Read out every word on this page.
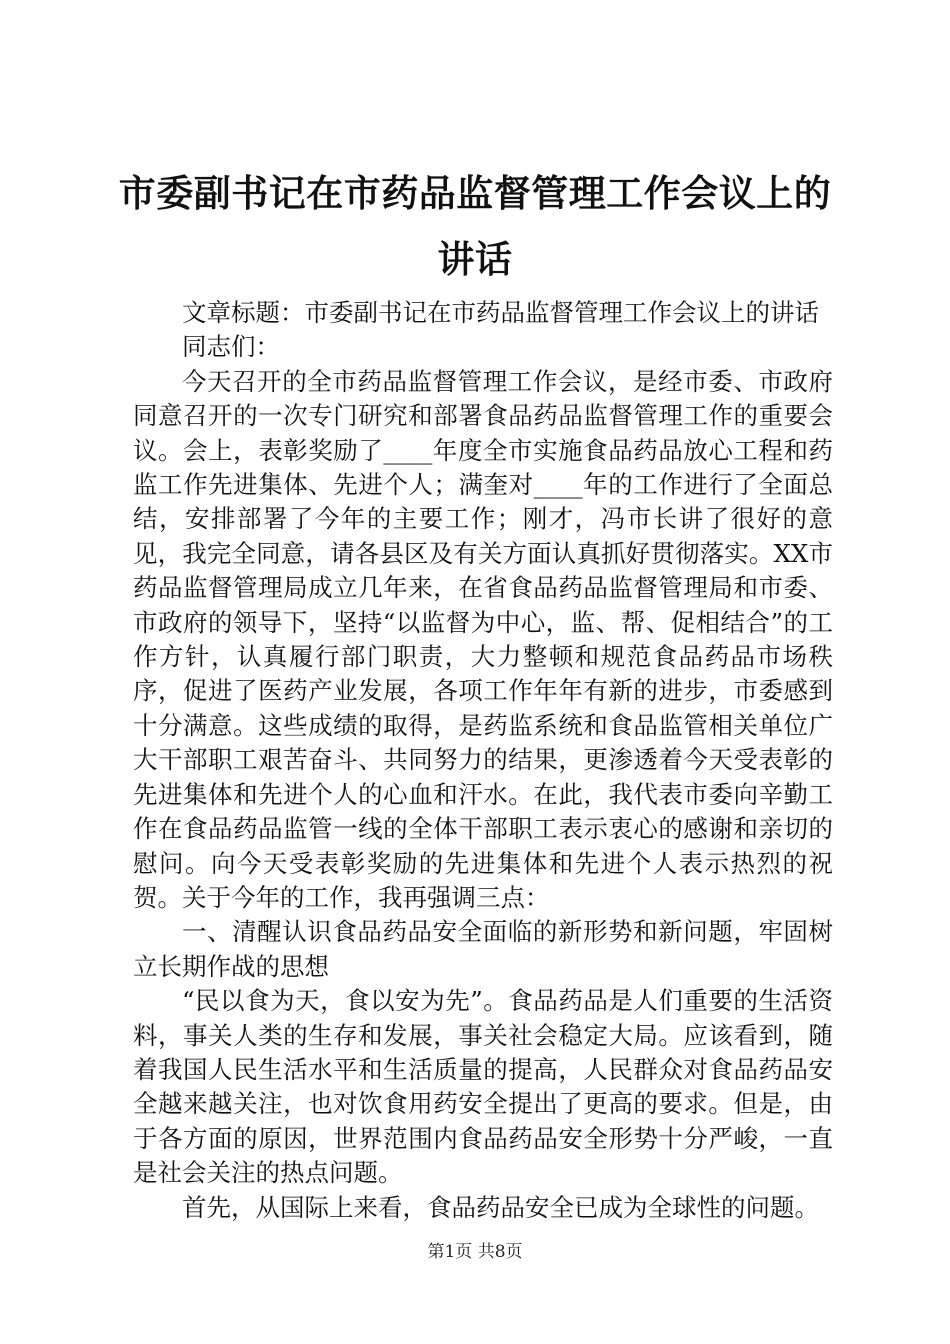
市委副书记在市药品监督管理工作会议上的讲话

文章标题：市委副书记在市药品监督管理工作会议上的讲话

同志们：

今天召开的全市药品监督管理工作会议，是经市委、市政府同意召开的一次专门研究和部署食品药品监督管理工作的重要会议。会上，表彰奖励了____年度全市实施食品药品放心工程和药监工作先进集体、先进个人；满奎对____年的工作进行了全面总结，安排部署了今年的主要工作；刚才，冯市长讲了很好的意见，我完全同意，请各县区及有关方面认真抓好贯彻落实。XX市药品监督管理局成立几年来，在省食品药品监督管理局和市委、市政府的领导下，坚持“以监督为中心，监、帮、促相结合”的工作方针，认真履行部门职责，大力整顿和规范食品药品市场秩序，促进了医药产业发展，各项工作年年有新的进步，市委感到十分满意。这些成绩的取得，是药监系统和食品监管相关单位广大干部职工艰苦奋斗、共同努力的结果，更渗透着今天受表彰的先进集体和先进个人的心血和汗水。在此，我代表市委向辛勤工作在食品药品监管一线的全体干部职工表示衷心的感谢和亲切的慰问。向今天受表彰奖励的先进集体和先进个人表示热烈的祝贺。关于今年的工作，我再强调三点：

一、清醒认识食品药品安全面临的新形势和新问题，牢固树立长期作战的思想

“民以食为天，食以安为先”。食品药品是人们重要的生活资料，事关人类的生存和发展，事关社会稳定大局。应该看到，随着我国人民生活水平和生活质量的提高，人民群众对食品药品安全越来越关注，也对饮食用药安全提出了更高的要求。但是，由于各方面的原因，世界范围内食品药品安全形势十分严峻，一直是社会关注的热点问题。

首先，从国际上来看，食品药品安全已成为全球性的问题。

第1页 共8页
